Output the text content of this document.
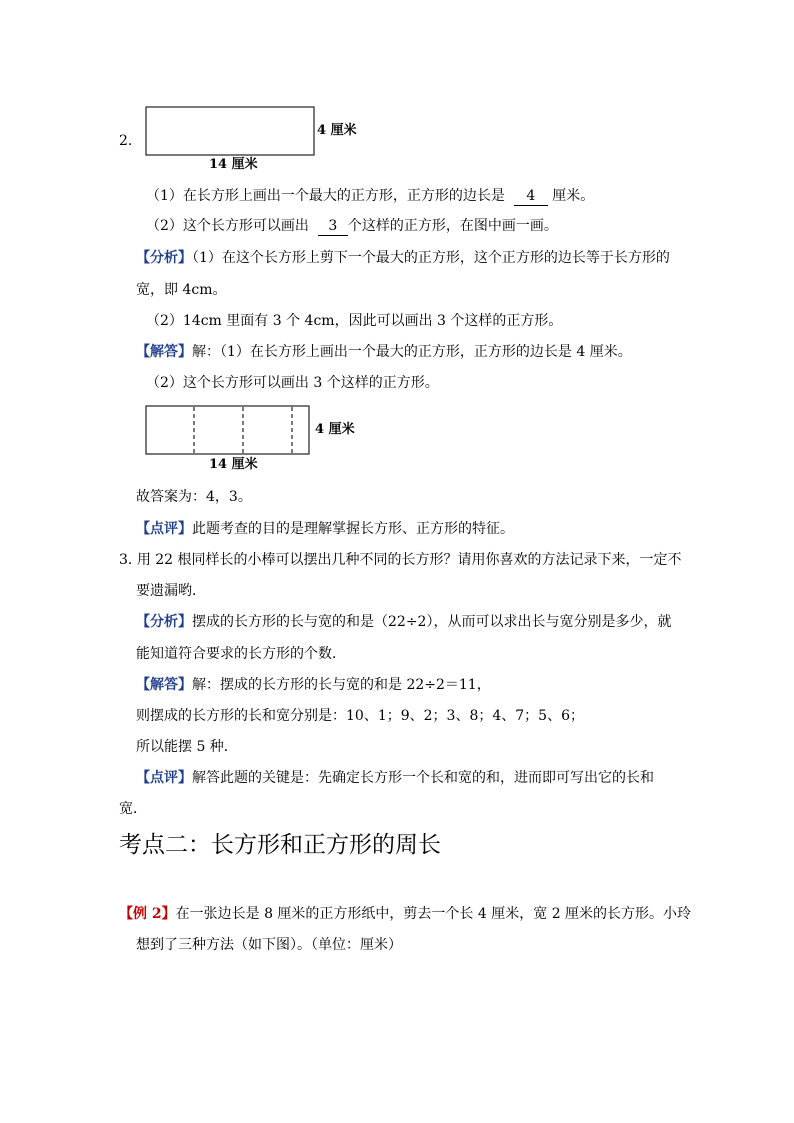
2.
4 厘米
14 厘米
（1）在长方形上画出一个最大的正方形，正方形的边长是 4 厘米。
（2）这个长方形可以画出 3 个这样的正方形，在图中画一画。
【分析】（1）在这个长方形上剪下一个最大的正方形，这个正方形的边长等于长方形的
宽，即 4cm。
（2）14cm 里面有 3 个 4cm，因此可以画出 3 个这样的正方形。
【解答】解：（1）在长方形上画出一个最大的正方形，正方形的边长是 4 厘米。
（2）这个长方形可以画出 3 个这样的正方形。
4 厘米
14 厘米
故答案为：4，3。
【点评】此题考查的目的是理解掌握长方形、正方形的特征。
3. 用 22 根同样长的小棒可以摆出几种不同的长方形？请用你喜欢的方法记录下来，一定不
要遗漏哟．
【分析】摆成的长方形的长与宽的和是（22÷2），从而可以求出长与宽分别是多少，就
能知道符合要求的长方形的个数．
【解答】解：摆成的长方形的长与宽的和是 22÷2＝11，
则摆成的长方形的长和宽分别是：10、1；9、2；3、8；4、7；5、6；
所以能摆 5 种．
【点评】解答此题的关键是：先确定长方形一个长和宽的和，进而即可写出它的长和
宽．
考点二：长方形和正方形的周长
【例 2】在一张边长是 8 厘米的正方形纸中，剪去一个长 4 厘米，宽 2 厘米的长方形。小玲
想到了三种方法（如下图）。（单位：厘米）
